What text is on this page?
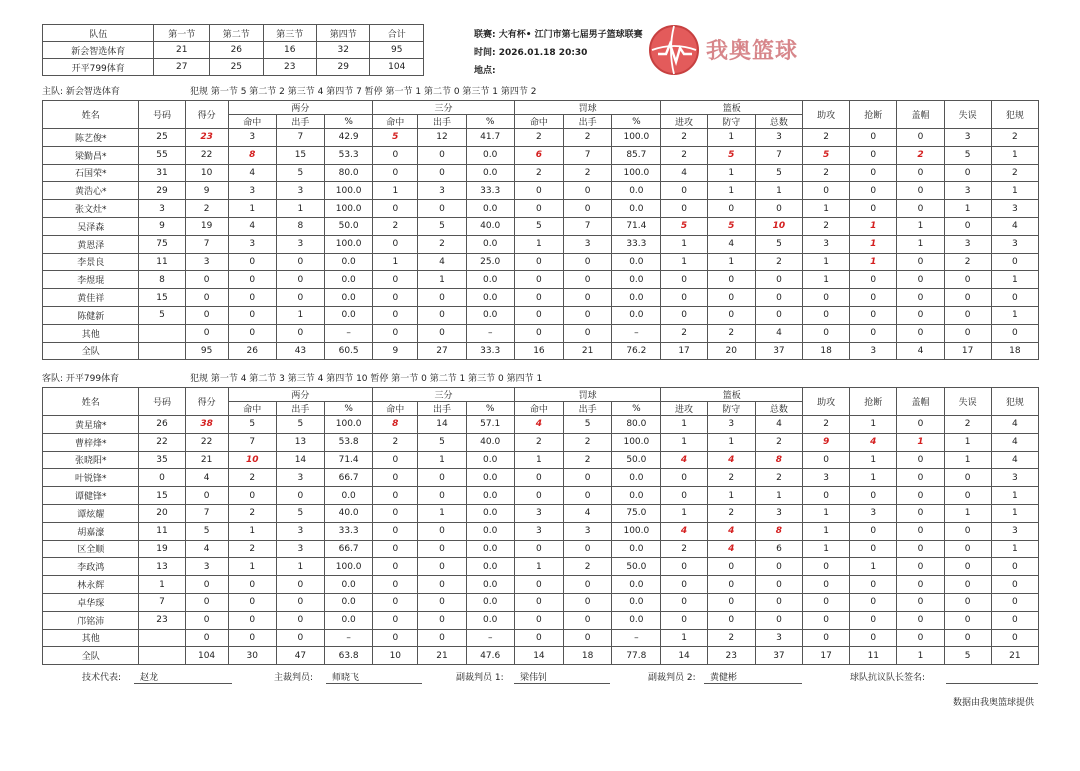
队伍	第一节	第二节	第三节	第四节	合计
新会智选体育	21	26	16	32	95
开平799体育	27	25	23	29	104
联赛: 大有杯• 江门市第七届男子篮球联赛
时间: 2026.01.18 20:30
地点:
我奥篮球
主队: 新会智选体育	犯规 第一节 5 第二节 2 第三节 4 第四节 7 暂停 第一节 1 第二节 0 第三节 1 第四节 2
姓名	号码	得分	两分			三分			罚球			篮板			助攻	抢断	盖帽	失误	犯规
			命中	出手	%	命中	出手	%	命中	出手	%	进攻	防守	总数					
陈艺俊*	25	23	3	7	42.9	5	12	41.7	2	2	100.0	2	1	3	2	0	0	3	2
梁勤昌*	55	22	8	15	53.3	0	0	0.0	6	7	85.7	2	5	7	5	0	2	5	1
石国荣*	31	10	4	5	80.0	0	0	0.0	2	2	100.0	4	1	5	2	0	0	0	2
黄浩心*	29	9	3	3	100.0	1	3	33.3	0	0	0.0	0	1	1	0	0	0	3	1
张文灶*	3	2	1	1	100.0	0	0	0.0	0	0	0.0	0	0	0	1	0	0	1	3
吴泽森	9	19	4	8	50.0	2	5	40.0	5	7	71.4	5	5	10	2	1	1	0	4
黄恩泽	75	7	3	3	100.0	0	2	0.0	1	3	33.3	1	4	5	3	1	1	3	3
李景良	11	3	0	0	0.0	1	4	25.0	0	0	0.0	1	1	2	1	1	0	2	0
李煜琨	8	0	0	0	0.0	0	1	0.0	0	0	0.0	0	0	0	1	0	0	0	1
黄佳祥	15	0	0	0	0.0	0	0	0.0	0	0	0.0	0	0	0	0	0	0	0	0
陈健新	5	0	0	1	0.0	0	0	0.0	0	0	0.0	0	0	0	0	0	0	0	1
其他		0	0	0	–	0	0	–	0	0	–	2	2	4	0	0	0	0	0
全队		95	26	43	60.5	9	27	33.3	16	21	76.2	17	20	37	18	3	4	17	18
客队: 开平799体育	犯规 第一节 4 第二节 3 第三节 4 第四节 10 暂停 第一节 0 第二节 1 第三节 0 第四节 1
姓名	号码	得分	两分			三分			罚球			篮板			助攻	抢断	盖帽	失误	犯规
			命中	出手	%	命中	出手	%	命中	出手	%	进攻	防守	总数					
黄星瑜*	26	38	5	5	100.0	8	14	57.1	4	5	80.0	1	3	4	2	1	0	2	4
曹梓烽*	22	22	7	13	53.8	2	5	40.0	2	2	100.0	1	1	2	9	4	1	1	4
张晓阳*	35	21	10	14	71.4	0	1	0.0	1	2	50.0	4	4	8	0	1	0	1	4
叶锐锋*	0	4	2	3	66.7	0	0	0.0	0	0	0.0	0	2	2	3	1	0	0	3
谭健锋*	15	0	0	0	0.0	0	0	0.0	0	0	0.0	0	1	1	0	0	0	0	1
谭炫耀	20	7	2	5	40.0	0	1	0.0	3	4	75.0	1	2	3	1	3	0	1	1
胡嘉濠	11	5	1	3	33.3	0	0	0.0	3	3	100.0	4	4	8	1	0	0	0	3
区全顺	19	4	2	3	66.7	0	0	0.0	0	0	0.0	2	4	6	1	0	0	0	1
李政鸿	13	3	1	1	100.0	0	0	0.0	1	2	50.0	0	0	0	0	1	0	0	0
林永辉	1	0	0	0	0.0	0	0	0.0	0	0	0.0	0	0	0	0	0	0	0	0
卓华琛	7	0	0	0	0.0	0	0	0.0	0	0	0.0	0	0	0	0	0	0	0	0
邝铭沛	23	0	0	0	0.0	0	0	0.0	0	0	0.0	0	0	0	0	0	0	0	0
其他		0	0	0	–	0	0	–	0	0	–	1	2	3	0	0	0	0	0
全队		104	30	47	63.8	10	21	47.6	14	18	77.8	14	23	37	17	11	1	5	21
技术代表:	赵龙	主裁判员:	师晓飞	副裁判员 1:	梁伟钊	副裁判员 2:	黄健彬	球队抗议队长签名:
数据由我奥篮球提供
